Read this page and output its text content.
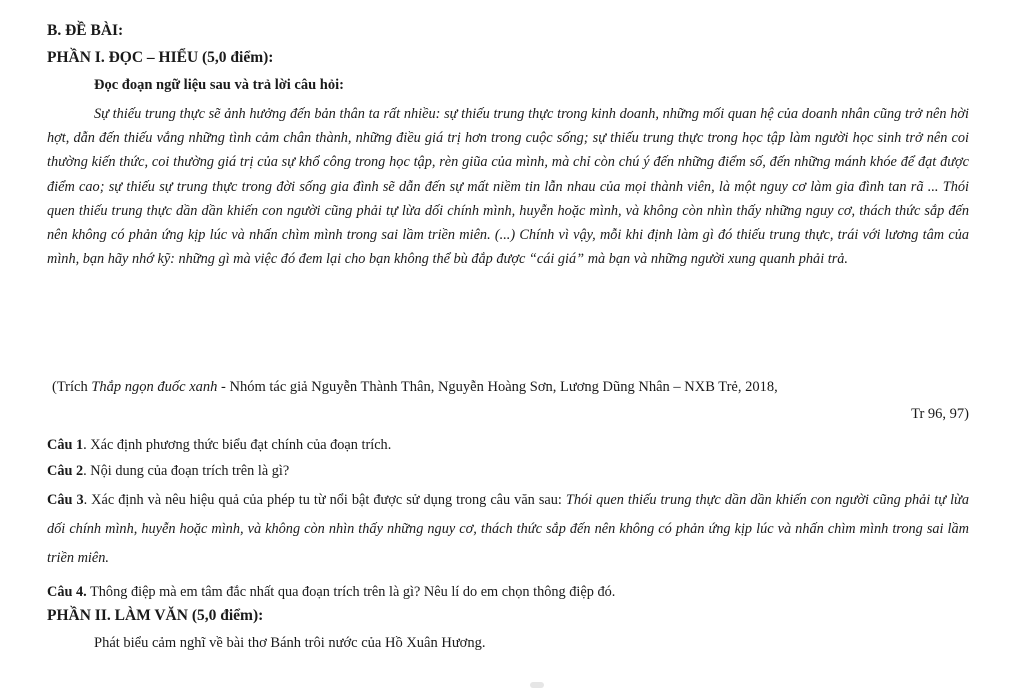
B. ĐỀ BÀI:

PHẦN I. ĐỌC – HIỂU (5,0 điểm):

Đọc đoạn ngữ liệu sau và trả lời câu hỏi:
Sự thiếu trung thực sẽ ảnh hưởng đến bản thân ta rất nhiều: sự thiếu trung thực trong kinh doanh, những mối quan hệ của doanh nhân cũng trở nên hời hợt, dẫn đến thiếu vắng những tình cảm chân thành, những điều giá trị hơn trong cuộc sống; sự thiếu trung thực trong học tập làm người học sinh trở nên coi thường kiến thức, coi thường giá trị của sự khổ công trong học tập, rèn giũa của mình, mà chỉ còn chú ý đến những điểm số, đến những mánh khóe để đạt được điểm cao; sự thiếu sự trung thực trong đời sống gia đình sẽ dẫn đến sự mất niềm tin lẫn nhau của mọi thành viên, là một nguy cơ làm gia đình tan rã ... Thói quen thiếu trung thực dần dần khiến con người cũng phải tự lừa dối chính mình, huyễn hoặc mình, và không còn nhìn thấy những nguy cơ, thách thức sắp đến nên không có phản ứng kịp lúc và nhấn chìm mình trong sai lầm triền miên. (...) Chính vì vậy, mỗi khi định làm gì đó thiếu trung thực, trái với lương tâm của mình, bạn hãy nhớ kỹ: những gì mà việc đó đem lại cho bạn không thể bù đắp được “cái giá” mà bạn và những người xung quanh phải trả.
(Trích Thắp ngọn đuốc xanh - Nhóm tác giả Nguyễn Thành Thân, Nguyễn Hoàng Sơn, Lương Dũng Nhân – NXB Trẻ, 2018,
Tr 96, 97)
Câu 1. Xác định phương thức biểu đạt chính của đoạn trích.
Câu 2. Nội dung của đoạn trích trên là gì?
Câu 3. Xác định và nêu hiệu quả của phép tu từ nổi bật được sử dụng trong câu văn sau: Thói quen thiếu trung thực dần dần khiến con người cũng phải tự lừa dối chính mình, huyễn hoặc mình, và không còn nhìn thấy những nguy cơ, thách thức sắp đến nên không có phản ứng kịp lúc và nhấn chìm mình trong sai lầm triền miên.
Câu 4. Thông điệp mà em tâm đắc nhất qua đoạn trích trên là gì? Nêu lí do em chọn thông điệp đó.

PHẦN II. LÀM VĂN (5,0 điểm):

Phát biểu cảm nghĩ về bài thơ Bánh trôi nước của Hồ Xuân Hương.
